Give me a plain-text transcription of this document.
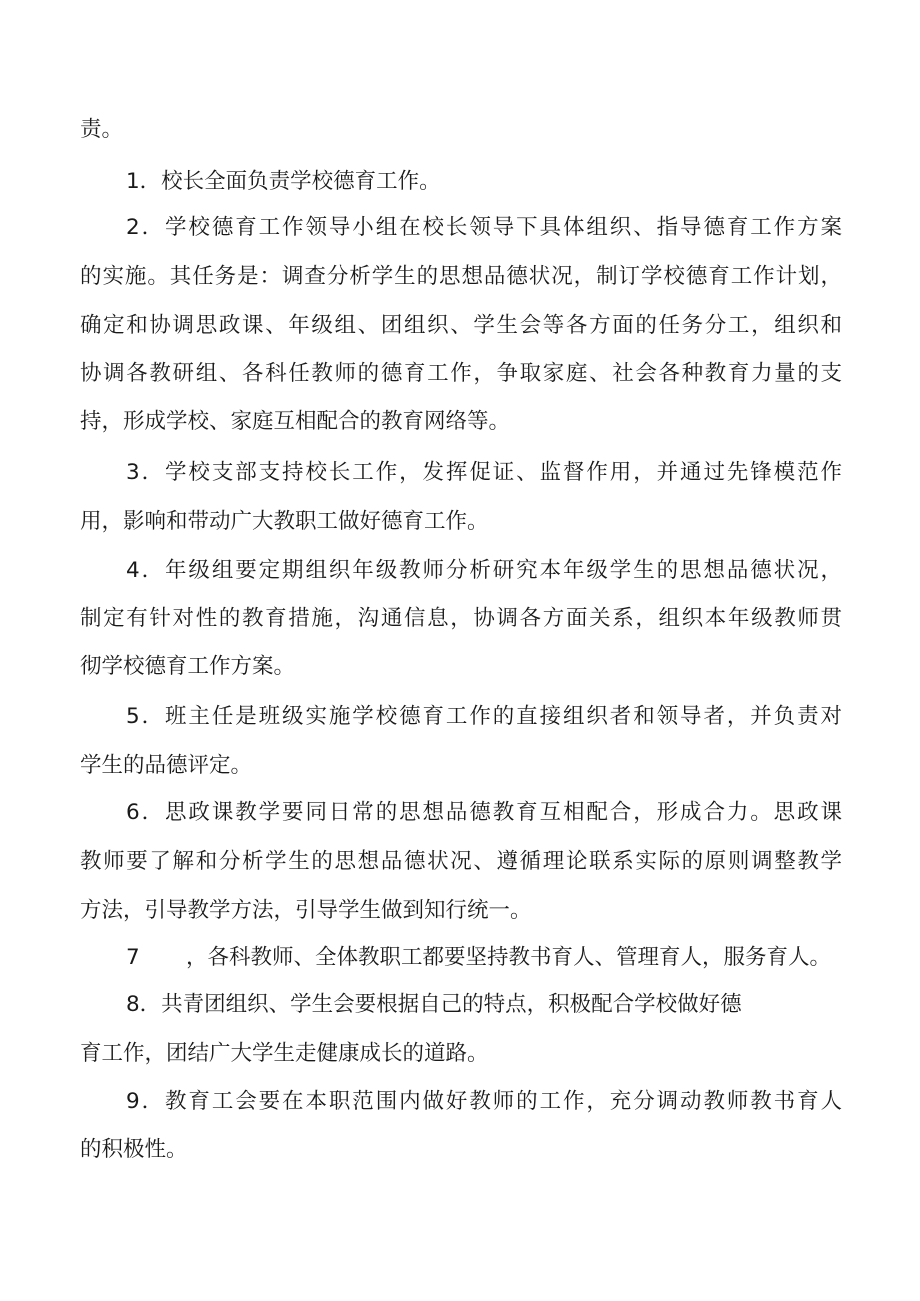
责。
1．校长全面负责学校德育工作。
2．学校德育工作领导小组在校长领导下具体组织、指导德育工作方案
的实施。其任务是：调查分析学生的思想品德状况，制订学校德育工作计划，
确定和协调思政课、年级组、团组织、学生会等各方面的任务分工，组织和
协调各教研组、各科任教师的德育工作，争取家庭、社会各种教育力量的支
持，形成学校、家庭互相配合的教育网络等。
3．学校支部支持校长工作，发挥促证、监督作用，并通过先锋模范作
用，影响和带动广大教职工做好德育工作。
4．年级组要定期组织年级教师分析研究本年级学生的思想品德状况，
制定有针对性的教育措施，沟通信息，协调各方面关系，组织本年级教师贯
彻学校德育工作方案。
5．班主任是班级实施学校德育工作的直接组织者和领导者，并负责对
学生的品德评定。
6．思政课教学要同日常的思想品德教育互相配合，形成合力。思政课
教师要了解和分析学生的思想品德状况、遵循理论联系实际的原则调整教学
方法，引导教学方法，引导学生做到知行统一。
7	，各科教师、全体教职工都要坚持教书育人、管理育人，服务育人。
8．共青团组织、学生会要根据自己的特点，积极配合学校做好德
育工作，团结广大学生走健康成长的道路。
9．教育工会要在本职范围内做好教师的工作，充分调动教师教书育人
的积极性。
